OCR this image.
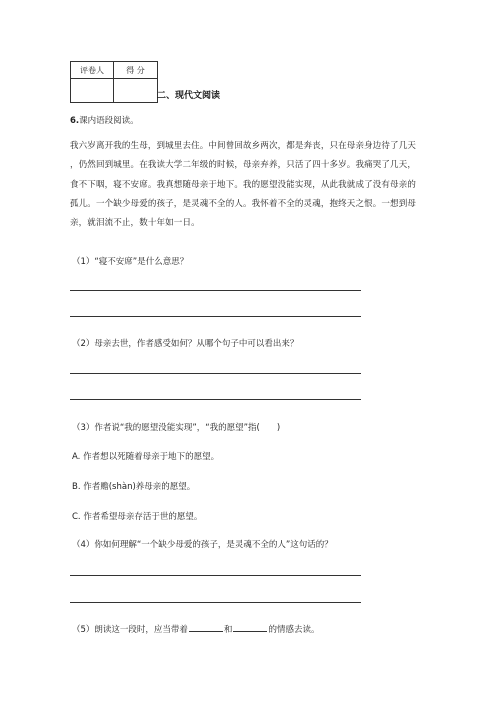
评卷人	得 分

二、现代文阅读
6.课内语段阅读。
我六岁离开我的生母，到城里去住。中间曾回故乡两次，都是奔丧，只在母亲身边待了几天
，仍然回到城里。在我读大学二年级的时候，母亲弃养，只活了四十多岁。我痛哭了几天，
食不下咽，寝不安席。我真想随母亲于地下。我的愿望没能实现，从此我就成了没有母亲的
孤儿。一个缺少母爱的孩子，是灵魂不全的人。我怀着不全的灵魂，抱终天之恨。一想到母
亲，就泪流不止，数十年如一日。
（1）“寝不安席”是什么意思？
（2）母亲去世，作者感受如何？从哪个句子中可以看出来？
（3）作者说“我的愿望没能实现”，“我的愿望”指(　　)
A. 作者想以死随着母亲于地下的愿望。
B. 作者赡(shàn)养母亲的愿望。
C. 作者希望母亲存活于世的愿望。
（4）你如何理解“一个缺少母爱的孩子，是灵魂不全的人”这句话的？
（5）朗读这一段时，应当带着	和	的情感去读。
